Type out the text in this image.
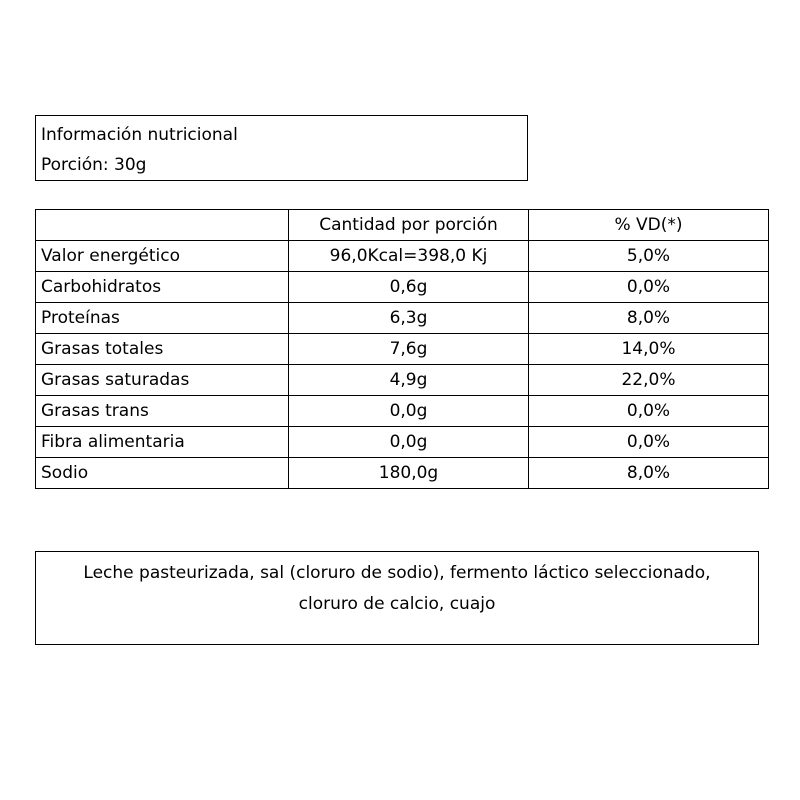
Información nutricional
Porción: 30g
	Cantidad por porción	% VD(*)
Valor energético	96,0Kcal=398,0 Kj	5,0%
Carbohidratos	0,6g	0,0%
Proteínas	6,3g	8,0%
Grasas totales	7,6g	14,0%
Grasas saturadas	4,9g	22,0%
Grasas trans	0,0g	0,0%
Fibra alimentaria	0,0g	0,0%
Sodio	180,0g	8,0%
Leche pasteurizada, sal (cloruro de sodio), fermento láctico seleccionado,
cloruro de calcio, cuajo
